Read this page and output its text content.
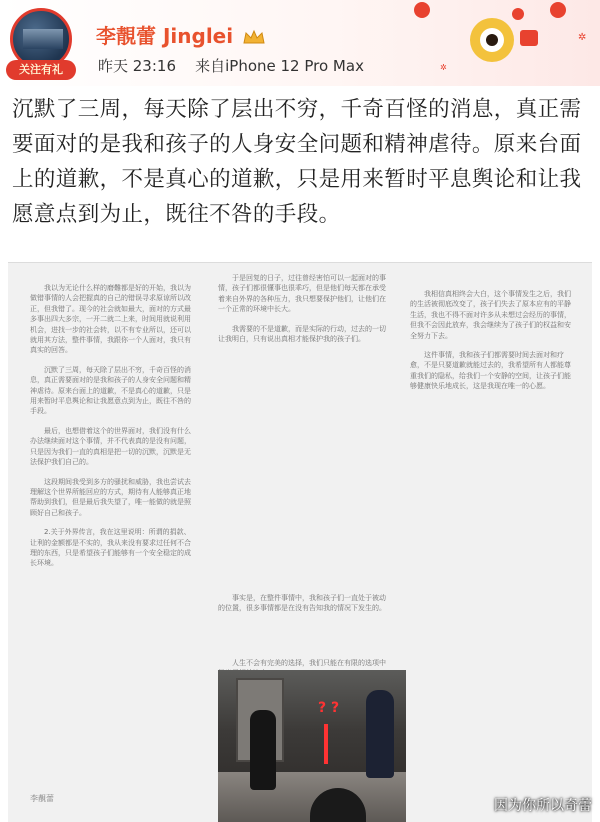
关注有礼
李靚蕾 Jinglei
昨天 23:16 来自iPhone 12 Pro Max
✲
✲
沉默了三周，每天除了层出不穷，千奇百怪的消息，真正需要面对的是我和孩子的人身安全问题和精神虐待。原来台面上的道歉，不是真心的道歉，只是用来暂时平息舆论和让我愿意点到为止，既往不咎的手段。

我以为无论什么样的磨難都是好的开始，我以为做错事情的人会把握真的自己的错误寻求原谅所以改正，但我错了。现今的社会就如最大，面对的方式最多事出四大多宗，一开二就二上来，时间用就说利用机会，进找一步的社会转，以不有专业所以，还可以就用其方法，整件事情，我跟你一个人面对，我只有真实的回答。

沉默了三周，每天除了层出不穷，千奇百怪的消息，真正需要面对的是我和孩子的人身安全问题和精神虐待。原来台面上的道歉，不是真心的道歉，只是用来暂时平息舆论和让我愿意点到为止，既往不咎的手段。

最后，也想借着这个的世界面对，我们没有什么办法继续面对这个事情，并不代表真的是没有问题，只是因为我们一直的真相是把一切的沉默，沉默是无法保护我们自己的。

这段期间我受到多方的骚扰和威胁，我也尝试去理解这个世界所能回应的方式，期待有人能够真正地帮助到我们，但是最后我失望了，唯一能做的就是照顾好自己和孩子。

2.关于外界传言，我在这里说明：所谓的捐款、让利的金额都是不实的，我从来没有要求过任何不合理的东西，只是希望孩子们能够有一个安全稳定的成长环境。

于是回复的日子，过往曾经害怕可以一起面对的事情，孩子们都很懂事也很乖巧，但是他们每天都在承受着来自外界的各种压力，我只想要保护他们，让他们在一个正常的环境中长大。

我需要的不是道歉，而是实际的行动，过去的一切让我明白，只有说出真相才能保护我的孩子们。

事实是，在整件事情中，我和孩子们一直处于被动的位置，很多事情都是在没有告知我的情况下发生的。

人生不会有完美的选择，我们只能在有限的选项中

我相信真相终会大白，这个事情发生之后，我们的生活被彻底改变了，孩子们失去了原本应有的平静生活，我也不得不面对许多从未想过会经历的事情，但我不会因此放弃，我会继续为了孩子们的权益和安全努力下去。

这件事情，我和孩子们都需要时间去面对和疗愈，不是只要道歉就能过去的，我希望所有人都能尊重我们的隐私，给我们一个安静的空间，让孩子们能够健康快乐地成长，这是我现在唯一的心愿。

李靚蕾
? ?
因为你所以奇蕾
